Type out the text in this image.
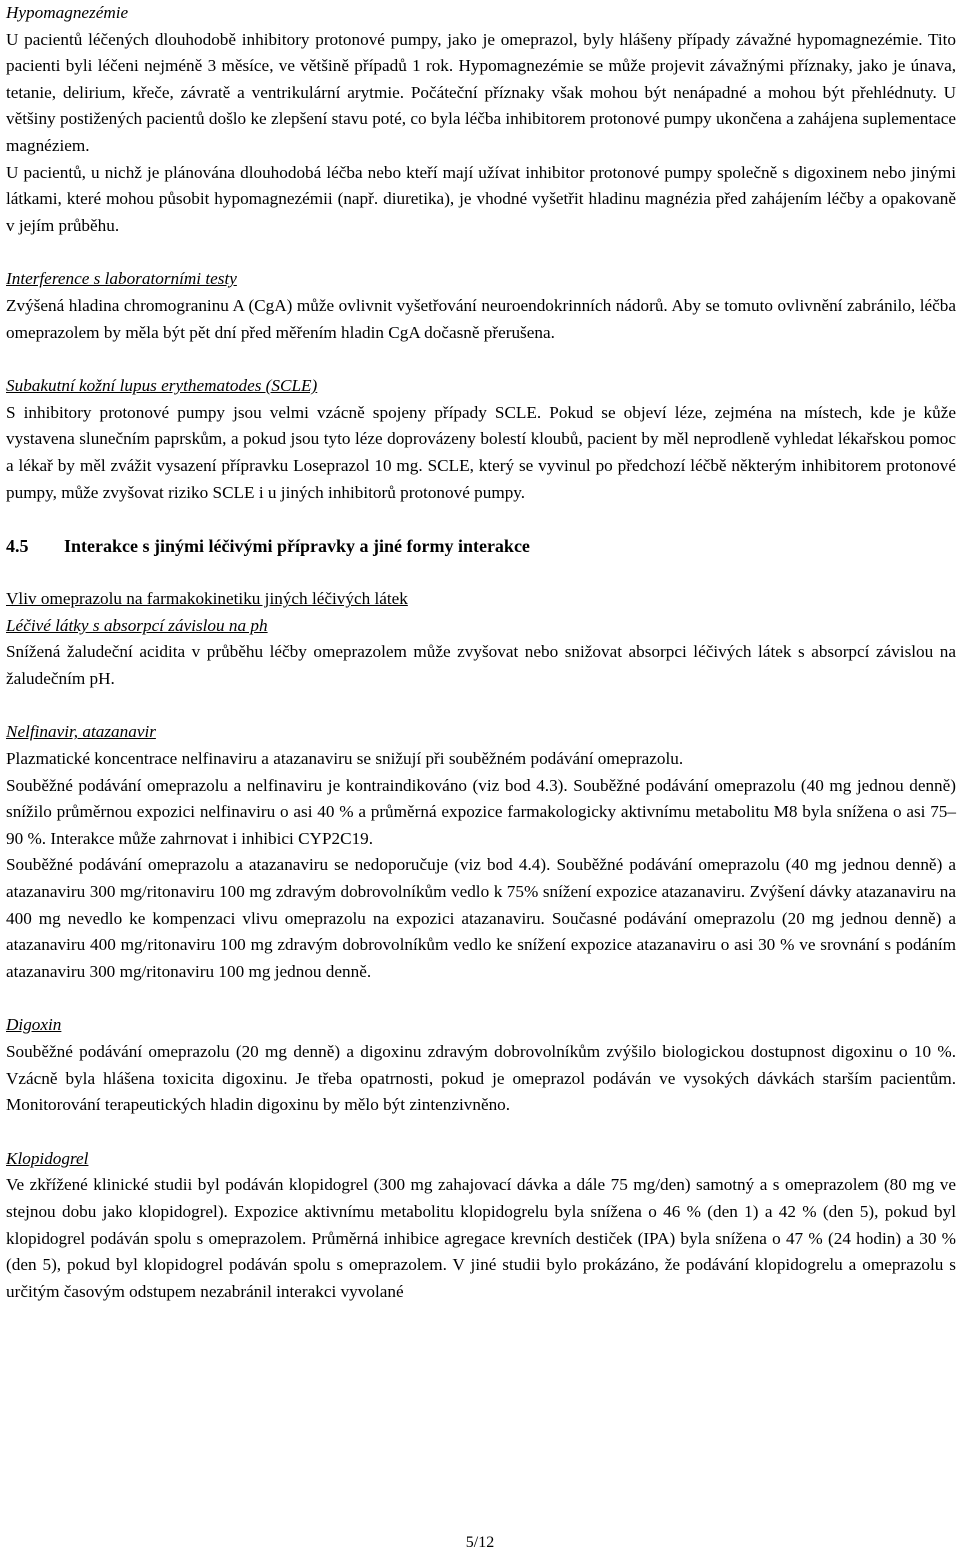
Hypomagnezémie

U pacientů léčených dlouhodobě inhibitory protonové pumpy, jako je omeprazol, byly hlášeny případy závažné hypomagnezémie. Tito pacienti byli léčeni nejméně 3 měsíce, ve většině případů 1 rok. Hypomagnezémie se může projevit závažnými příznaky, jako je únava, tetanie, delirium, křeče, závratě a ventrikulární arytmie. Počáteční příznaky však mohou být nenápadné a mohou být přehlédnuty. U většiny postižených pacientů došlo ke zlepšení stavu poté, co byla léčba inhibitorem protonové pumpy ukončena a zahájena suplementace magnéziem.

U pacientů, u nichž je plánována dlouhodobá léčba nebo kteří mají užívat inhibitor protonové pumpy společně s digoxinem nebo jinými látkami, které mohou působit hypomagnezémii (např. diuretika), je vhodné vyšetřit hladinu magnézia před zahájením léčby a opakovaně v jejím průběhu.

Interference s laboratorními testy

Zvýšená hladina chromograninu A (CgA) může ovlivnit vyšetřování neuroendokrinních nádorů. Aby se tomuto ovlivnění zabránilo, léčba omeprazolem by měla být pět dní před měřením hladin CgA dočasně přerušena.

Subakutní kožní lupus erythematodes (SCLE)

S inhibitory protonové pumpy jsou velmi vzácně spojeny případy SCLE. Pokud se objeví léze, zejména na místech, kde je kůže vystavena slunečním paprskům, a pokud jsou tyto léze doprovázeny bolestí kloubů, pacient by měl neprodleně vyhledat lékařskou pomoc a lékař by měl zvážit vysazení přípravku Loseprazol 10 mg. SCLE, který se vyvinul po předchozí léčbě některým inhibitorem protonové pumpy, může zvyšovat riziko SCLE i u jiných inhibitorů protonové pumpy.

4.5 Interakce s jinými léčivými přípravky a jiné formy interakce
Vliv omeprazolu na farmakokinetiku jiných léčivých látek
Léčivé látky s absorpcí závislou na ph

Snížená žaludeční acidita v průběhu léčby omeprazolem může zvyšovat nebo snižovat absorpci léčivých látek s absorpcí závislou na žaludečním pH.

Nelfinavir, atazanavir

Plazmatické koncentrace nelfinaviru a atazanaviru se snižují při souběžném podávání omeprazolu.

Souběžné podávání omeprazolu a nelfinaviru je kontraindikováno (viz bod 4.3). Souběžné podávání omeprazolu (40 mg jednou denně) snížilo průměrnou expozici nelfinaviru o asi 40 % a průměrná expozice farmakologicky aktivnímu metabolitu M8 byla snížena o asi 75–90 %. Interakce může zahrnovat i inhibici CYP2C19.

Souběžné podávání omeprazolu a atazanaviru se nedoporučuje (viz bod 4.4). Souběžné podávání omeprazolu (40 mg jednou denně) a atazanaviru 300 mg/ritonaviru 100 mg zdravým dobrovolníkům vedlo k 75% snížení expozice atazanaviru. Zvýšení dávky atazanaviru na 400 mg nevedlo ke kompenzaci vlivu omeprazolu na expozici atazanaviru. Současné podávání omeprazolu (20 mg jednou denně) a atazanaviru 400 mg/ritonaviru 100 mg zdravým dobrovolníkům vedlo ke snížení expozice atazanaviru o asi 30 % ve srovnání s podáním atazanaviru 300 mg/ritonaviru 100 mg jednou denně.

Digoxin

Souběžné podávání omeprazolu (20 mg denně) a digoxinu zdravým dobrovolníkům zvýšilo biologickou dostupnost digoxinu o 10 %. Vzácně byla hlášena toxicita digoxinu. Je třeba opatrnosti, pokud je omeprazol podáván ve vysokých dávkách starším pacientům. Monitorování terapeutických hladin digoxinu by mělo být zintenzivněno.

Klopidogrel

Ve zkřížené klinické studii byl podáván klopidogrel (300 mg zahajovací dávka a dále 75 mg/den) samotný a s omeprazolem (80 mg ve stejnou dobu jako klopidogrel). Expozice aktivnímu metabolitu klopidogrelu byla snížena o 46 % (den 1) a 42 % (den 5), pokud byl klopidogrel podáván spolu s omeprazolem. Průměrná inhibice agregace krevních destiček (IPA) byla snížena o 47 % (24 hodin) a 30 % (den 5), pokud byl klopidogrel podáván spolu s omeprazolem. V jiné studii bylo prokázáno, že podávání klopidogrelu a omeprazolu s určitým časovým odstupem nezabránil interakci vyvolané

5/12
